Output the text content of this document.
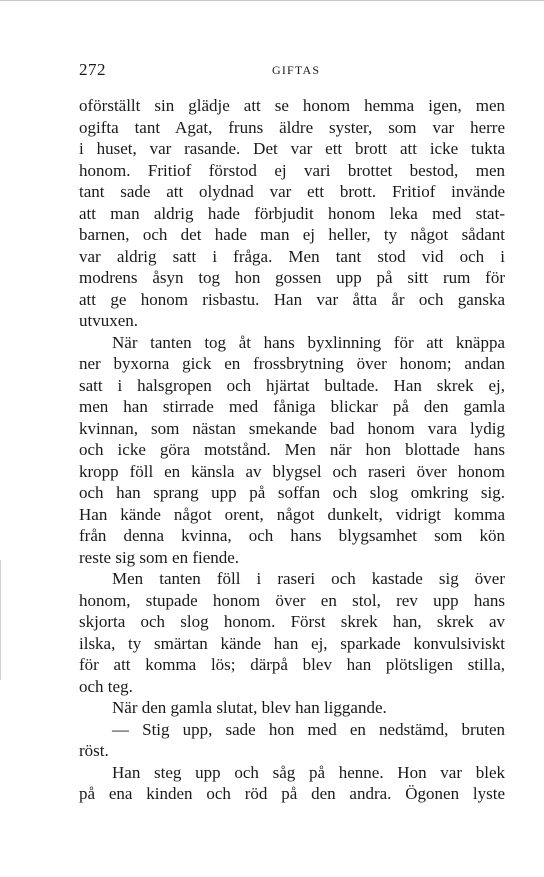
272	GIFTAS
oförställt sin glädje att se honom hemma igen, men
ogifta tant Agat, fruns äldre syster, som var herre
i huset, var rasande. Det var ett brott att icke tukta
honom. Fritiof förstod ej vari brottet bestod, men
tant sade att olydnad var ett brott. Fritiof invände
att man aldrig hade förbjudit honom leka med stat-
barnen, och det hade man ej heller, ty något sådant
var aldrig satt i fråga. Men tant stod vid och i
modrens åsyn tog hon gossen upp på sitt rum för
att ge honom risbastu. Han var åtta år och ganska
utvuxen.
När tanten tog åt hans byxlinning för att knäppa
ner byxorna gick en frossbrytning över honom; andan
satt i halsgropen och hjärtat bultade. Han skrek ej,
men han stirrade med fåniga blickar på den gamla
kvinnan, som nästan smekande bad honom vara lydig
och icke göra motstånd. Men när hon blottade hans
kropp föll en känsla av blygsel och raseri över honom
och han sprang upp på soffan och slog omkring sig.
Han kände något orent, något dunkelt, vidrigt komma
från denna kvinna, och hans blygsamhet som kön
reste sig som en fiende.
Men tanten föll i raseri och kastade sig över
honom, stupade honom över en stol, rev upp hans
skjorta och slog honom. Först skrek han, skrek av
ilska, ty smärtan kände han ej, sparkade konvulsiviskt
för att komma lös; därpå blev han plötsligen stilla,
och teg.
När den gamla slutat, blev han liggande.
— Stig upp, sade hon med en nedstämd, bruten
röst.
Han steg upp och såg på henne. Hon var blek
på ena kinden och röd på den andra. Ögonen lyste
